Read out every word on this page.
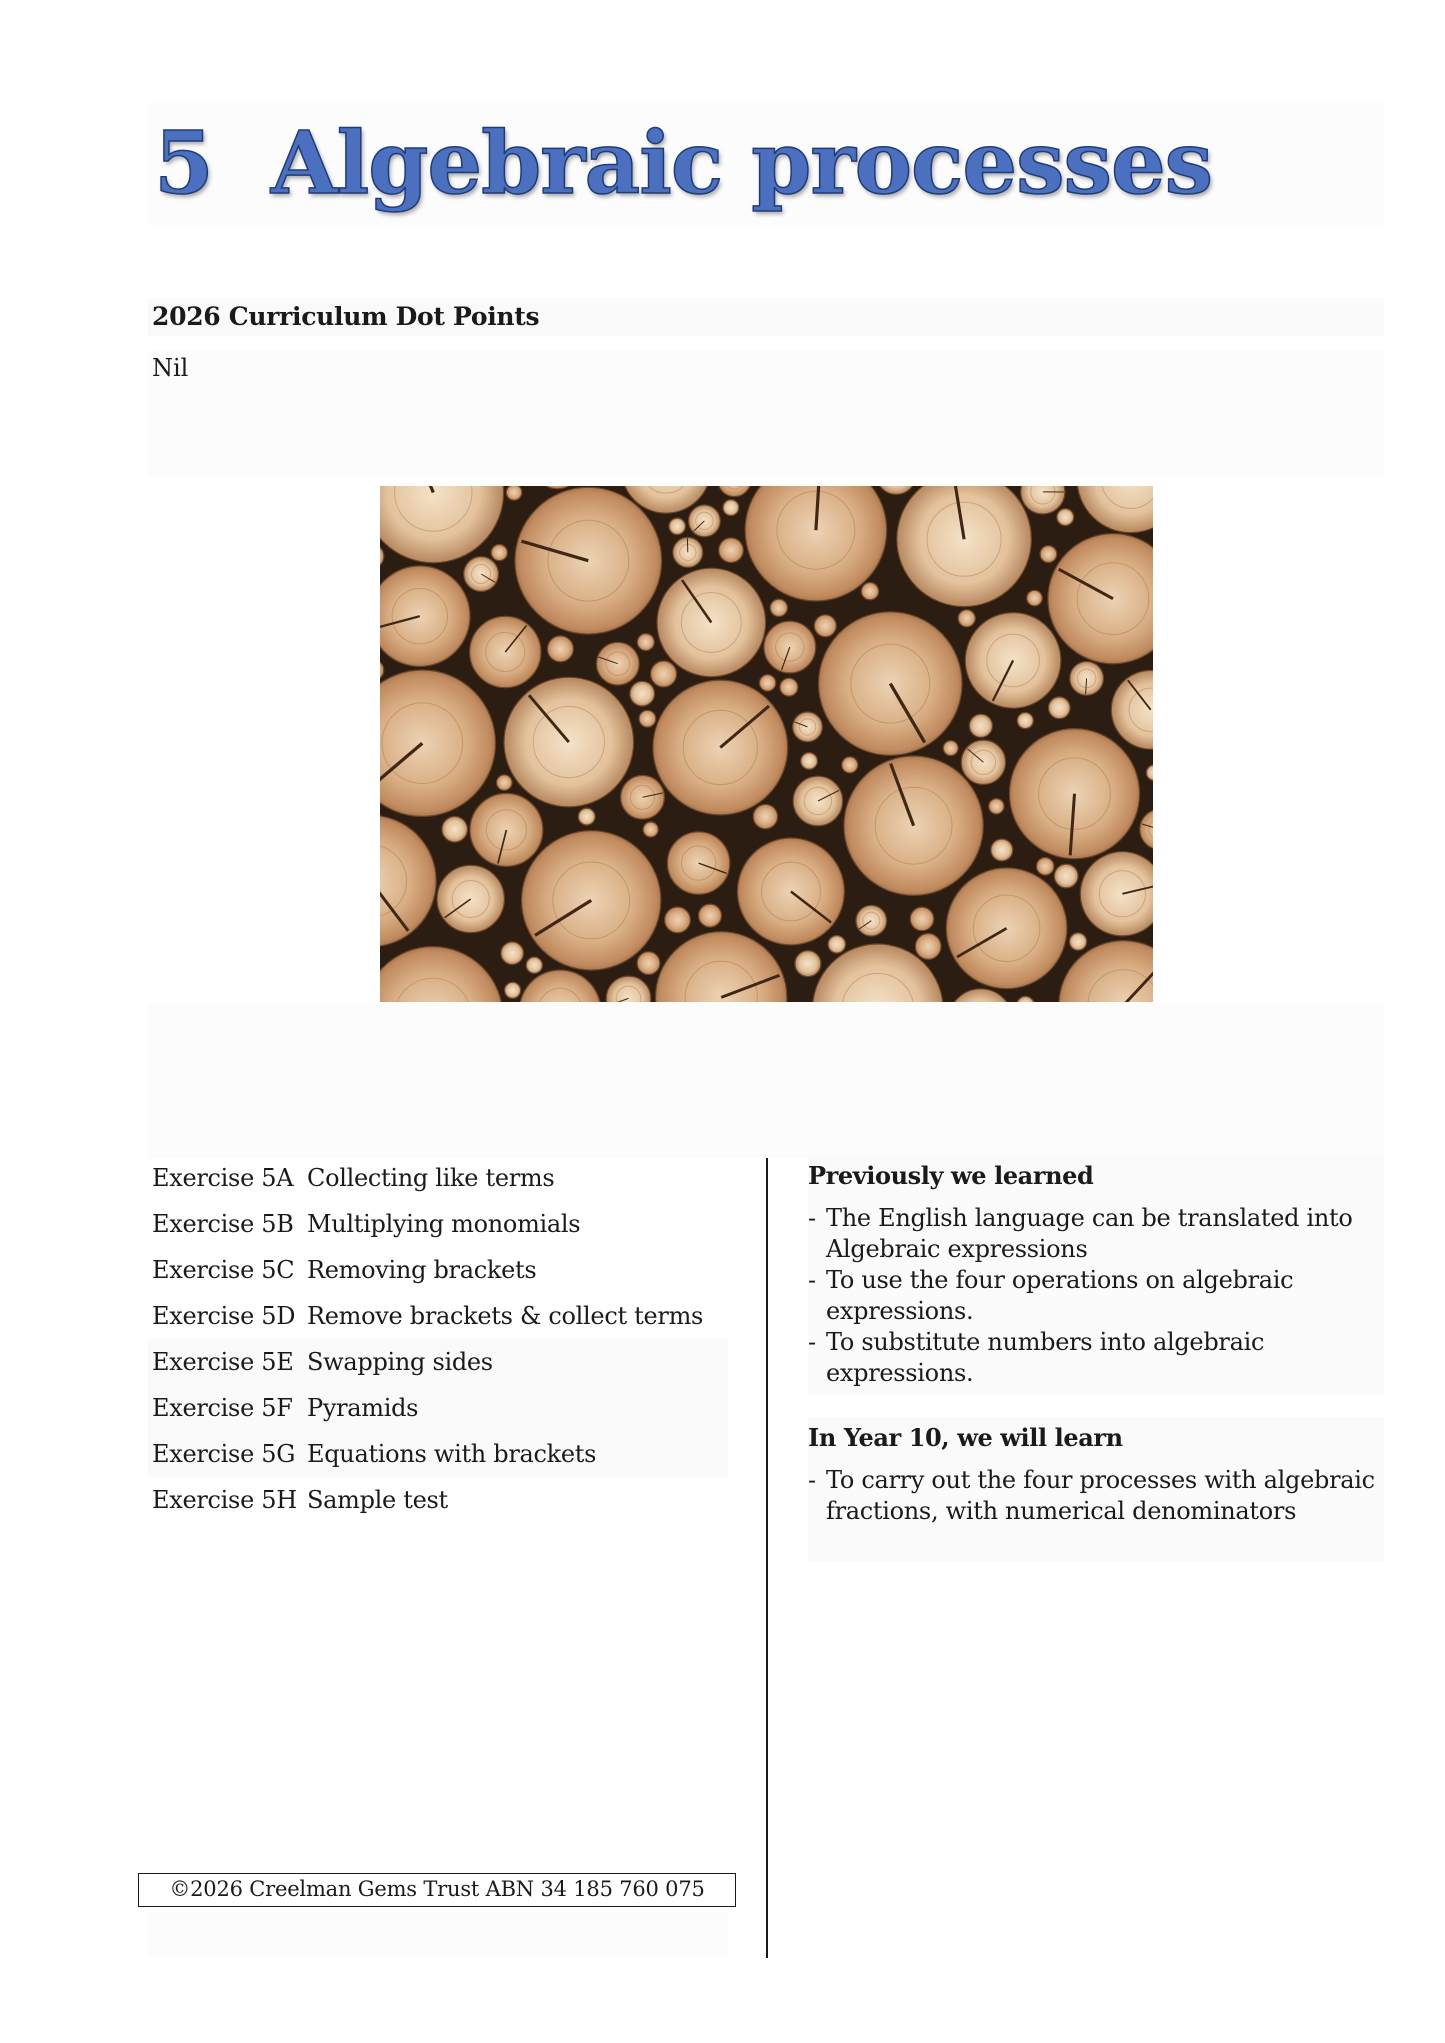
5 Algebraic processes
2026 Curriculum Dot Points
Nil
Exercise 5A Collecting like terms
Exercise 5B Multiplying monomials
Exercise 5C Removing brackets
Exercise 5D Remove brackets & collect terms
Exercise 5E Swapping sides
Exercise 5F Pyramids
Exercise 5G Equations with brackets
Exercise 5H Sample test
Previously we learned
- The English language can be translated into Algebraic expressions
- To use the four operations on algebraic expressions.
- To substitute numbers into algebraic expressions.
In Year 10, we will learn
- To carry out the four processes with algebraic fractions, with numerical denominators
©2026 Creelman Gems Trust ABN 34 185 760 075
